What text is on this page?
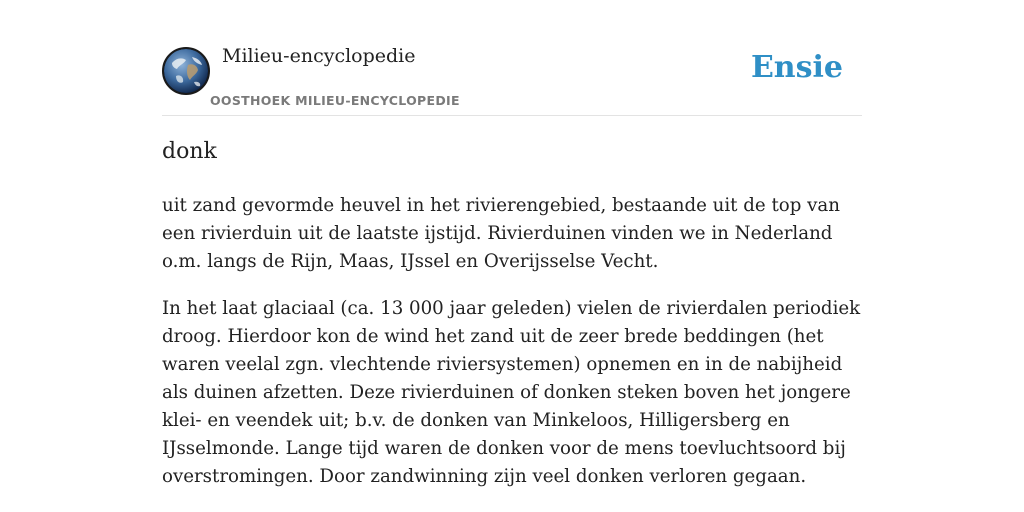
Milieu-encyclopedie
OOSTHOEK MILIEU-ENCYCLOPEDIE
Ensie
donk

uit zand gevormde heuvel in het rivierengebied, bestaande uit de top van een rivierduin uit de laatste ijstijd. Rivierduinen vinden we in Nederland o.m. langs de Rijn, Maas, IJssel en Overijsselse Vecht.

In het laat glaciaal (ca. 13 000 jaar geleden) vielen de rivierdalen periodiek droog. Hierdoor kon de wind het zand uit de zeer brede beddingen (het waren veelal zgn. vlechtende riviersystemen) opnemen en in de nabijheid als duinen afzetten. Deze rivierduinen of donken steken boven het jongere klei- en veendek uit; b.v. de donken van Minkeloos, Hilligersberg en IJsselmonde. Lange tijd waren de donken voor de mens toevluchtsoord bij overstromingen. Door zandwinning zijn veel donken verloren gegaan.
